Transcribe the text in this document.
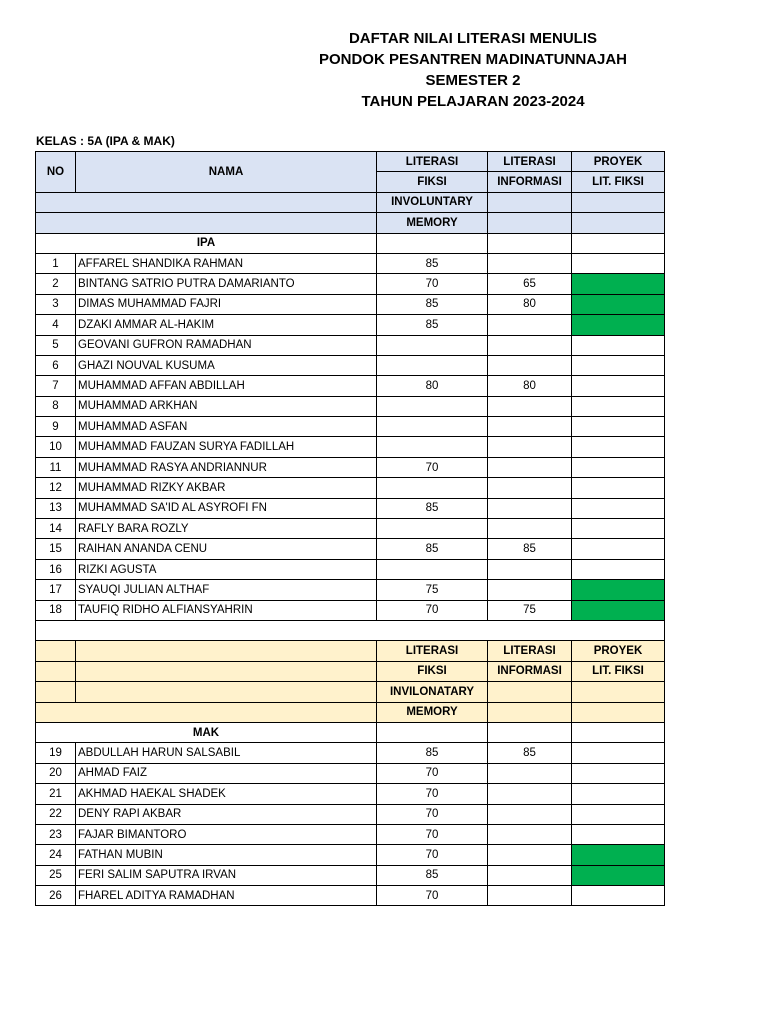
DAFTAR NILAI LITERASI MENULIS
PONDOK PESANTREN MADINATUNNAJAH
SEMESTER 2
TAHUN PELAJARAN 2023-2024
KELAS : 5A (IPA & MAK)
NO	NAMA	LITERASI	LITERASI	PROYEK
		FIKSI	INFORMASI	LIT. FIKSI
		INVOLUNTARY		
		MEMORY		
IPA				
1	AFFAREL SHANDIKA RAHMAN	85		
2	BINTANG SATRIO PUTRA DAMARIANTO	70	65	
3	DIMAS MUHAMMAD FAJRI	85	80	
4	DZAKI AMMAR AL-HAKIM	85		
5	GEOVANI GUFRON RAMADHAN			
6	GHAZI NOUVAL KUSUMA			
7	MUHAMMAD AFFAN ABDILLAH	80	80	
8	MUHAMMAD ARKHAN			
9	MUHAMMAD ASFAN			
10	MUHAMMAD FAUZAN SURYA FADILLAH			
11	MUHAMMAD RASYA ANDRIANNUR	70		
12	MUHAMMAD RIZKY AKBAR			
13	MUHAMMAD SA'ID AL ASYROFI FN	85		
14	RAFLY BARA ROZLY			
15	RAIHAN ANANDA CENU	85	85	
16	RIZKI AGUSTA			
17	SYAUQI JULIAN ALTHAF	75		
18	TAUFIQ RIDHO ALFIANSYAHRIN	70	75	

		LITERASI	LITERASI	PROYEK
		FIKSI	INFORMASI	LIT. FIKSI
		INVILONATARY		
		MEMORY		
MAK				
19	ABDULLAH HARUN SALSABIL	85	85	
20	AHMAD FAIZ	70		
21	AKHMAD HAEKAL SHADEK	70		
22	DENY RAPI AKBAR	70		
23	FAJAR BIMANTORO	70		
24	FATHAN MUBIN	70		
25	FERI SALIM SAPUTRA IRVAN	85		
26	FHAREL ADITYA RAMADHAN	70		
